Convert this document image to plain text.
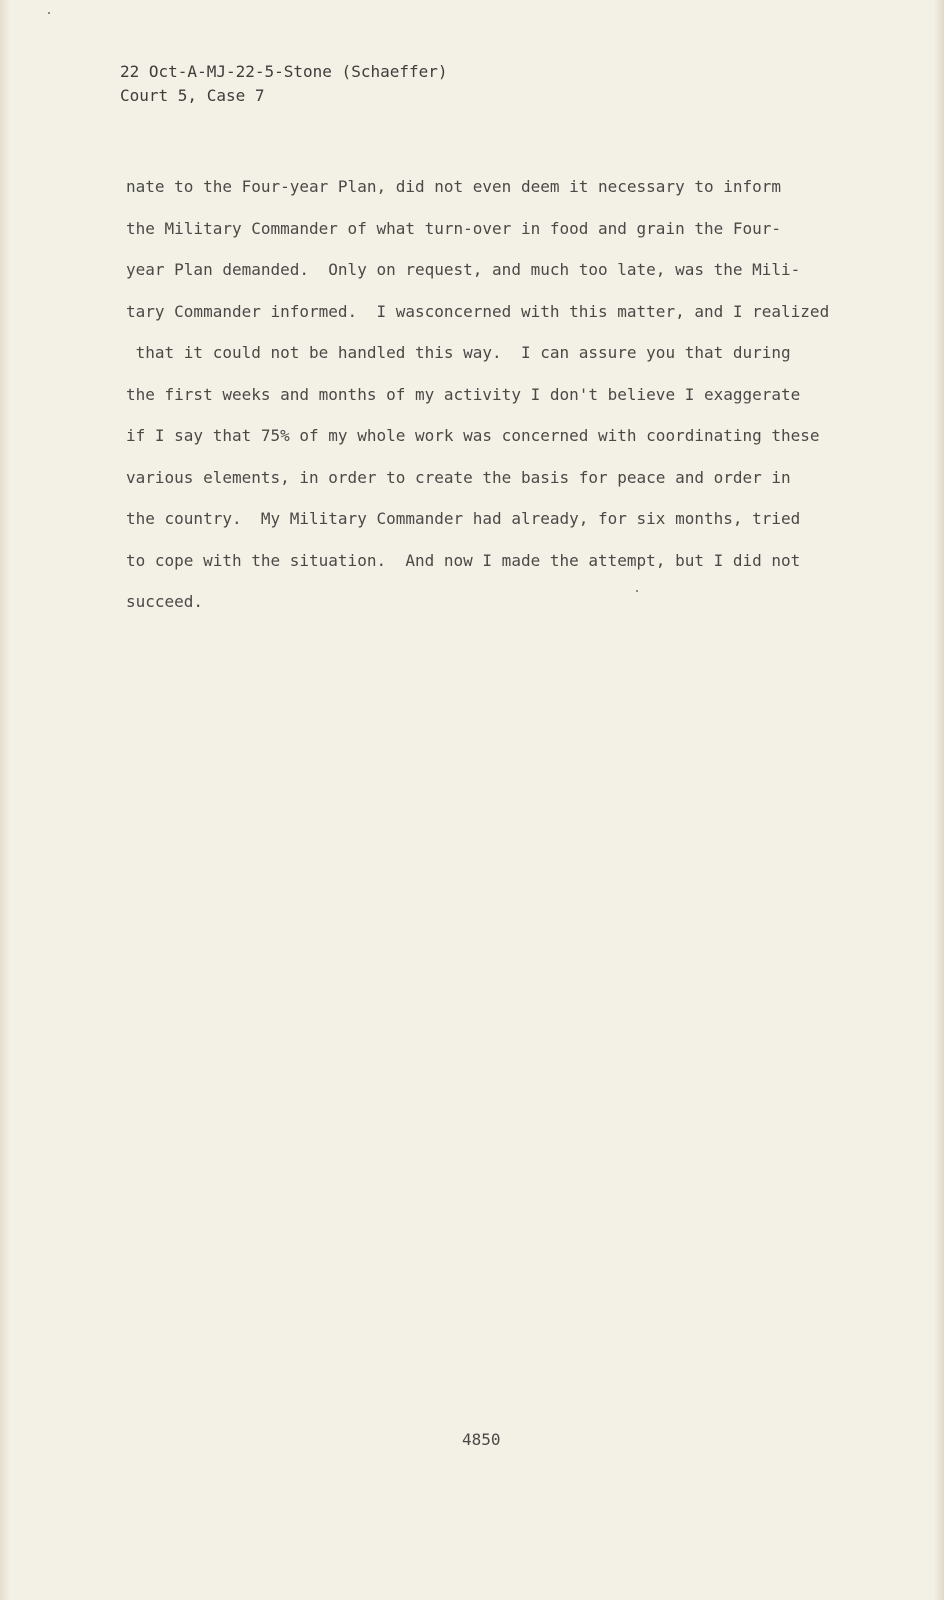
22 Oct-A-MJ-22-5-Stone (Schaeffer)
Court 5, Case 7
nate to the Four-year Plan, did not even deem it necessary to inform
the Military Commander of what turn-over in food and grain the Four-
year Plan demanded.  Only on request, and much too late, was the Mili-
tary Commander informed.  I wasconcerned with this matter, and I realized
that it could not be handled this way.  I can assure you that during
the first weeks and months of my activity I don't believe I exaggerate
if I say that 75% of my whole work was concerned with coordinating these
various elements, in order to create the basis for peace and order in
the country.  My Military Commander had already, for six months, tried
to cope with the situation.  And now I made the attempt, but I did not
succeed.
4850
